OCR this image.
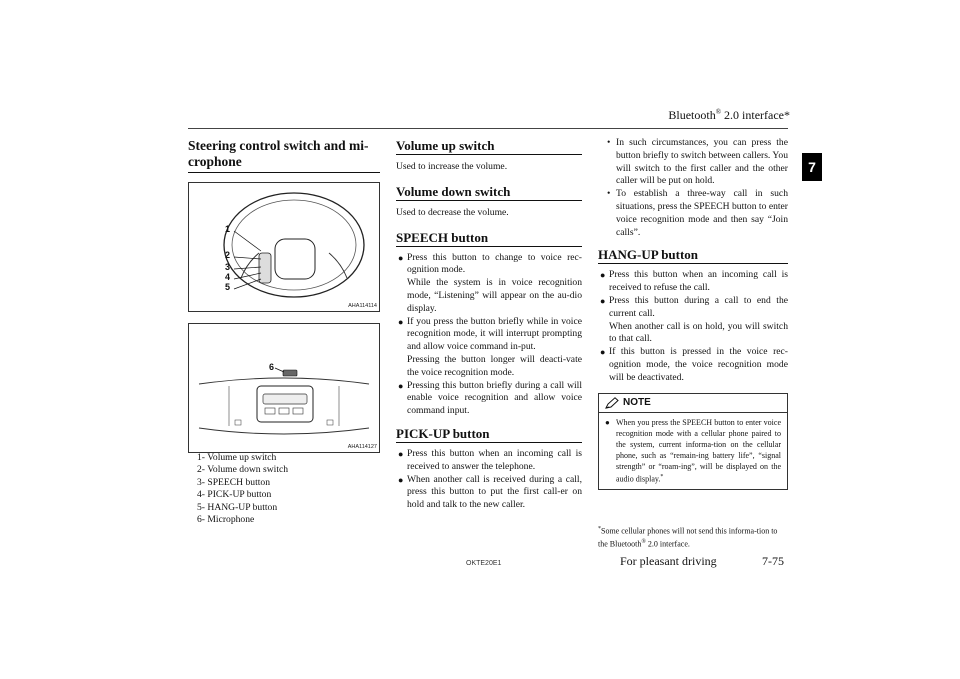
Bluetooth® 2.0 interface*
7
Steering control switch and mi-crophone
1
2
3
4
5
AHA114114
6
AHA114127
1- Volume up switch
2- Volume down switch
3- SPEECH button
4- PICK-UP button
5- HANG-UP button
6- Microphone
Volume up switch
Used to increase the volume.
Volume down switch
Used to decrease the volume.
SPEECH button
● Press this button to change to voice rec-ognition mode.
While the system is in voice recognition mode, “Listening” will appear on the au-dio display.
● If you press the button briefly while in voice recognition mode, it will interrupt prompting and allow voice command in-put.
Pressing the button longer will deacti-vate the voice recognition mode.
● Pressing this button briefly during a call will enable voice recognition and allow voice command input.
PICK-UP button
● Press this button when an incoming call is received to answer the telephone.
● When another call is received during a call, press this button to put the first call-er on hold and talk to the new caller.
• In such circumstances, you can press the button briefly to switch between callers. You will switch to the first caller and the other caller will be put on hold.
• To establish a three-way call in such situations, press the SPEECH button to enter voice recognition mode and then say “Join calls”.
HANG-UP button
● Press this button when an incoming call is received to refuse the call.
● Press this button during a call to end the current call.
When another call is on hold, you will switch to that call.
● If this button is pressed in the voice rec-ognition mode, the voice recognition mode will be deactivated.
NOTE
● When you press the SPEECH button to enter voice recognition mode with a cellular phone paired to the system, current informa-tion on the cellular phone, such as “remain-ing battery life”, “signal strength” or “roam-ing”, will be displayed on the audio display.*
*Some cellular phones will not send this informa-tion to the Bluetooth® 2.0 interface.
OKTE20E1	For pleasant driving	7-75
